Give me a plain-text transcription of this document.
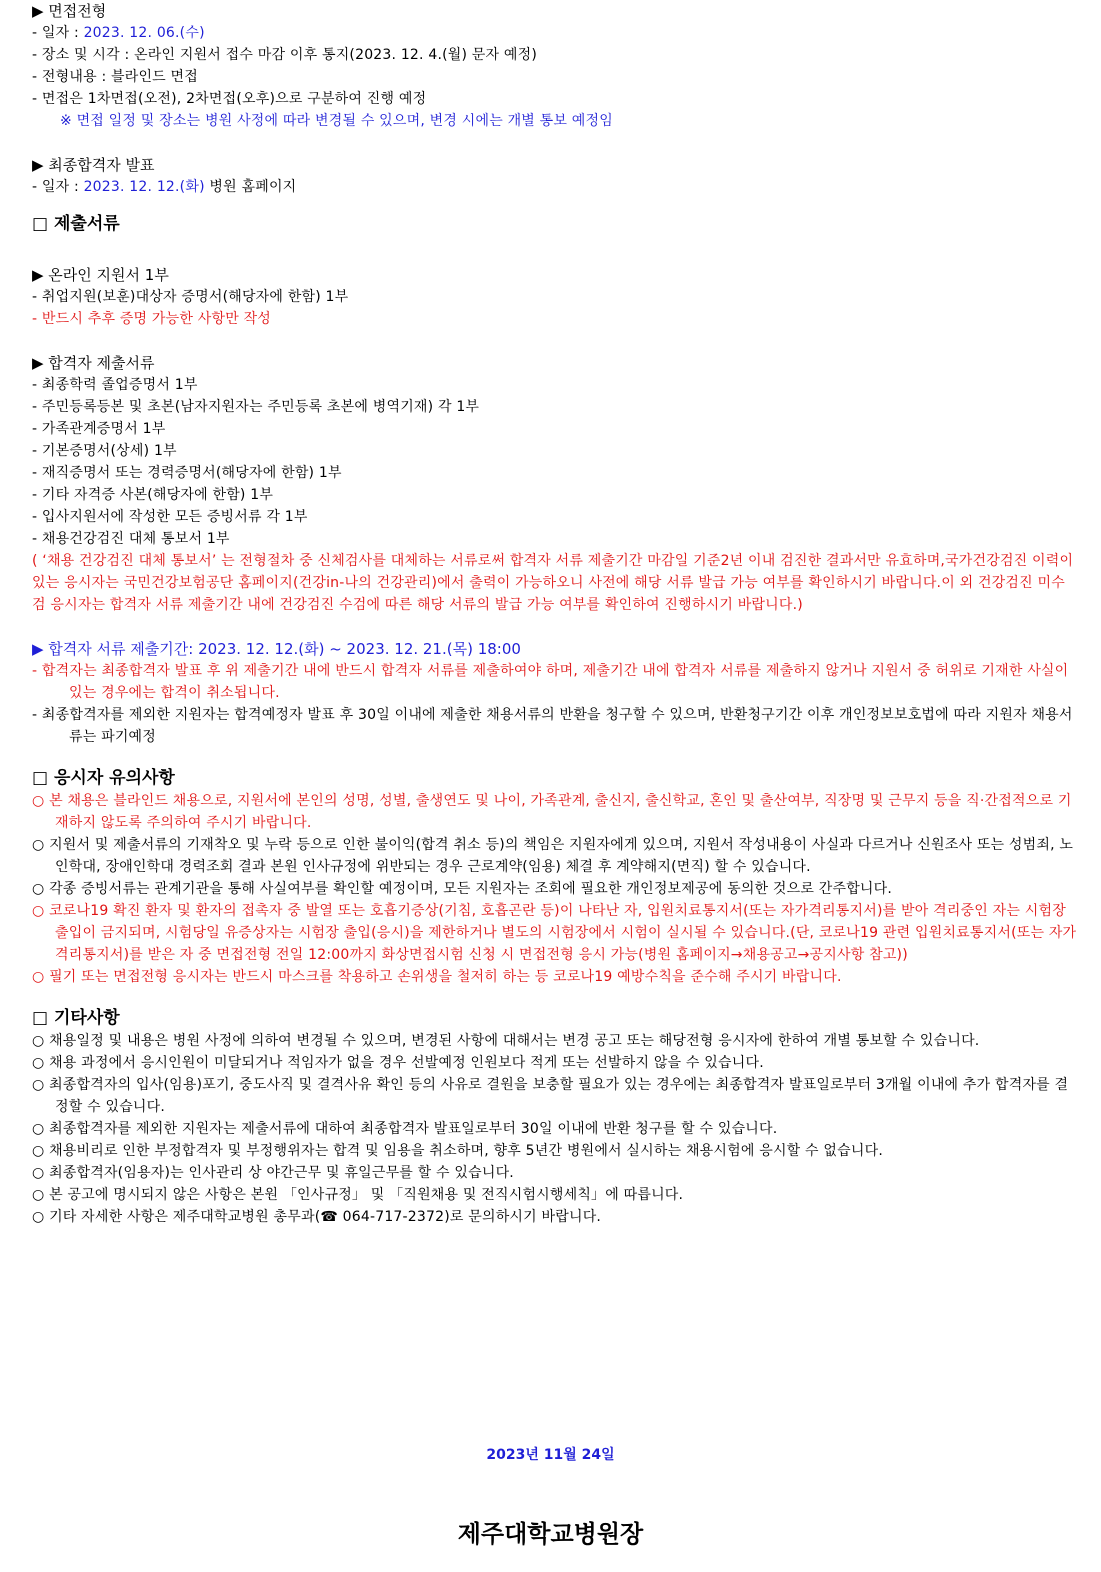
▶ 면접전형
- 일자 : 2023. 12. 06.(수)
- 장소 및 시각 : 온라인 지원서 접수 마감 이후 통지(2023. 12. 4.(월) 문자 예정)
- 전형내용 : 블라인드 면접
- 면접은 1차면접(오전), 2차면접(오후)으로 구분하여 진행 예정
※ 면접 일정 및 장소는 병원 사정에 따라 변경될 수 있으며, 변경 시에는 개별 통보 예정임
▶ 최종합격자 발표
- 일자 : 2023. 12. 12.(화) 병원 홈페이지
□ 제출서류
▶ 온라인 지원서 1부
- 취업지원(보훈)대상자 증명서(해당자에 한함) 1부
- 반드시 추후 증명 가능한 사항만 작성
▶ 합격자 제출서류
- 최종학력 졸업증명서 1부
- 주민등록등본 및 초본(남자지원자는 주민등록 초본에 병역기재) 각 1부
- 가족관계증명서 1부
- 기본증명서(상세) 1부
- 재직증명서 또는 경력증명서(해당자에 한함) 1부
- 기타 자격증 사본(해당자에 한함) 1부
- 입사지원서에 작성한 모든 증빙서류 각 1부
- 채용건강검진 대체 통보서 1부
( ‘채용 건강검진 대체 통보서’ 는 전형절차 중 신체검사를 대체하는 서류로써 합격자 서류 제출기간 마감일 기준2년 이내 검진한 결과서만 유효하며,국가건강검진 이력이 있는 응시자는 국민건강보험공단 홈페이지(건강in-나의 건강관리)에서 출력이 가능하오니 사전에 해당 서류 발급 가능 여부를 확인하시기 바랍니다.이 외 건강검진 미수검 응시자는 합격자 서류 제출기간 내에 건강검진 수검에 따른 해당 서류의 발급 가능 여부를 확인하여 진행하시기 바랍니다.)
▶ 합격자 서류 제출기간: 2023. 12. 12.(화) ~ 2023. 12. 21.(목) 18:00
- 합격자는 최종합격자 발표 후 위 제출기간 내에 반드시 합격자 서류를 제출하여야 하며, 제출기간 내에 합격자 서류를 제출하지 않거나 지원서 중 허위로 기재한 사실이 있는 경우에는 합격이 취소됩니다.
- 최종합격자를 제외한 지원자는 합격예정자 발표 후 30일 이내에 제출한 채용서류의 반환을 청구할 수 있으며, 반환청구기간 이후 개인정보보호법에 따라 지원자 채용서류는 파기예정
□ 응시자 유의사항
○ 본 채용은 블라인드 채용으로, 지원서에 본인의 성명, 성별, 출생연도 및 나이, 가족관계, 출신지, 출신학교, 혼인 및 출산여부, 직장명 및 근무지 등을 직·간접적으로 기재하지 않도록 주의하여 주시기 바랍니다.
○ 지원서 및 제출서류의 기재착오 및 누락 등으로 인한 불이익(합격 취소 등)의 책임은 지원자에게 있으며, 지원서 작성내용이 사실과 다르거나 신원조사 또는 성범죄, 노인학대, 장애인학대 경력조회 결과 본원 인사규정에 위반되는 경우 근로계약(임용) 체결 후 계약해지(면직) 할 수 있습니다.
○ 각종 증빙서류는 관계기관을 통해 사실여부를 확인할 예정이며, 모든 지원자는 조회에 필요한 개인정보제공에 동의한 것으로 간주합니다.
○ 코로나19 확진 환자 및 환자의 접촉자 중 발열 또는 호흡기증상(기침, 호흡곤란 등)이 나타난 자, 입원치료통지서(또는 자가격리통지서)를 받아 격리중인 자는 시험장 출입이 금지되며, 시험당일 유증상자는 시험장 출입(응시)을 제한하거나 별도의 시험장에서 시험이 실시될 수 있습니다.(단, 코로나19 관련 입원치료통지서(또는 자가격리통지서)를 받은 자 중 면접전형 전일 12:00까지 화상면접시험 신청 시 면접전형 응시 가능(병원 홈페이지→채용공고→공지사항 참고))
○ 필기 또는 면접전형 응시자는 반드시 마스크를 착용하고 손위생을 철저히 하는 등 코로나19 예방수칙을 준수해 주시기 바랍니다.
□ 기타사항
○ 채용일정 및 내용은 병원 사정에 의하여 변경될 수 있으며, 변경된 사항에 대해서는 변경 공고 또는 해당전형 응시자에 한하여 개별 통보할 수 있습니다.
○ 채용 과정에서 응시인원이 미달되거나 적임자가 없을 경우 선발예정 인원보다 적게 또는 선발하지 않을 수 있습니다.
○ 최종합격자의 입사(임용)포기, 중도사직 및 결격사유 확인 등의 사유로 결원을 보충할 필요가 있는 경우에는 최종합격자 발표일로부터 3개월 이내에 추가 합격자를 결정할 수 있습니다.
○ 최종합격자를 제외한 지원자는 제출서류에 대하여 최종합격자 발표일로부터 30일 이내에 반환 청구를 할 수 있습니다.
○ 채용비리로 인한 부정합격자 및 부정행위자는 합격 및 임용을 취소하며, 향후 5년간 병원에서 실시하는 채용시험에 응시할 수 없습니다.
○ 최종합격자(임용자)는 인사관리 상 야간근무 및 휴일근무를 할 수 있습니다.
○ 본 공고에 명시되지 않은 사항은 본원 「인사규정」 및 「직원채용 및 전직시험시행세칙」에 따릅니다.
○ 기타 자세한 사항은 제주대학교병원 총무과(☎ 064-717-2372)로 문의하시기 바랍니다.
2023년 11월 24일
제주대학교병원장
